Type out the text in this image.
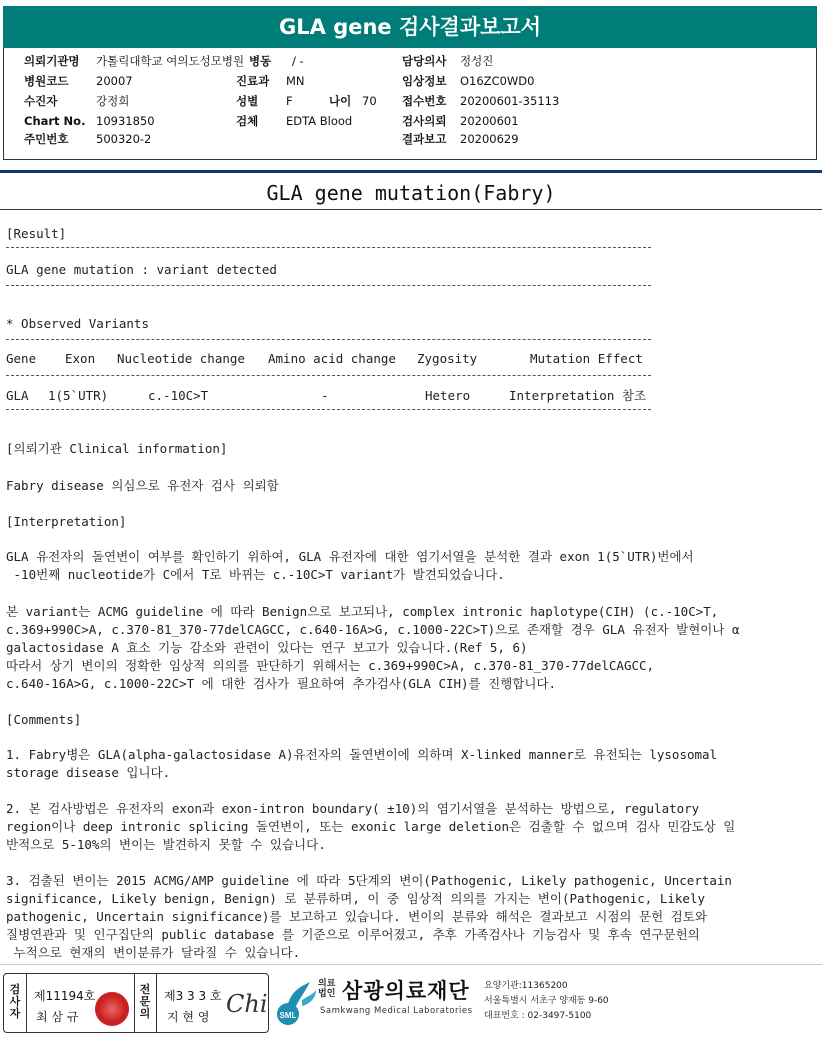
GLA gene 검사결과보고서
의뢰기관명 가톨릭대학교 여의도성모병원 병동 / -	담당의사 정성진
병원코드 20007	진료과 MN	임상정보 O16ZC0WD0
수진자	강정희	성별 F	나이 70 접수번호 20200601-35113
Chart No. 10931850	검체 EDTA Blood	검사의뢰 20200601
주민번호 500320-2	결과보고 20200629
GLA gene mutation(Fabry)
[Result]
GLA gene mutation : variant detected
* Observed Variants
Gene Exon Nucleotide change Amino acid change Zygosity	Mutation Effect
GLA 1(5`UTR)	c.-10C>T	-	Hetero	Interpretation 참조
[의뢰기관 Clinical information]
Fabry disease 의심으로 유전자 검사 의뢰함
[Interpretation]
GLA 유전자의 돌연변이 여부를 확인하기 위하여, GLA 유전자에 대한 염기서열을 분석한 결과 exon 1(5`UTR)번에서
-10번째 nucleotide가 C에서 T로 바뀌는 c.-10C>T variant가 발견되었습니다.
본 variant는 ACMG guideline 에 따라 Benign으로 보고되나, complex intronic haplotype(CIH) (c.-10C>T,
c.369+990C>A, c.370-81_370-77delCAGCC, c.640-16A>G, c.1000-22C>T)으로 존재할 경우 GLA 유전자 발현이나 α
galactosidase A 효소 기능 감소와 관련이 있다는 연구 보고가 있습니다.(Ref 5, 6)
따라서 상기 변이의 정확한 임상적 의의를 판단하기 위해서는 c.369+990C>A, c.370-81_370-77delCAGCC,
c.640-16A>G, c.1000-22C>T 에 대한 검사가 필요하여 추가검사(GLA CIH)를 진행합니다.
[Comments]
1. Fabry병은 GLA(alpha-galactosidase A)유전자의 돌연변이에 의하며 X-linked manner로 유전되는 lysosomal
storage disease 입니다.
2. 본 검사방법은 유전자의 exon과 exon-intron boundary( ±10)의 염기서열을 분석하는 방법으로, regulatory
region이나 deep intronic splicing 돌연변이, 또는 exonic large deletion은 검출할 수 없으며 검사 민감도상 일
반적으로 5-10%의 변이는 발견하지 못할 수 있습니다.
3. 검출된 변이는 2015 ACMG/AMP guideline 에 따라 5단계의 변이(Pathogenic, Likely pathogenic, Uncertain
significance, Likely benign, Benign) 로 분류하며, 이 중 임상적 의의를 가지는 변이(Pathogenic, Likely
pathogenic, Uncertain significance)를 보고하고 있습니다. 변이의 분류와 해석은 결과보고 시점의 문헌 검토와
질병연관과 및 인구집단의 public database 를 기준으로 이루어졌고, 추후 가족검사나 기능검사 및 후속 연구문헌의
누적으로 현재의 변이분류가 달라질 수 있습니다.
검사자
제11194호
최 삼 규
전문의
제3 3 3 호
지 현 영 Chi SML
의료
법인 삼광의료재단
Samkwang Medical Laboratories
요양기관:11365200
서울특별시 서초구 양재동 9-60
대표번호 : 02-3497-5100
